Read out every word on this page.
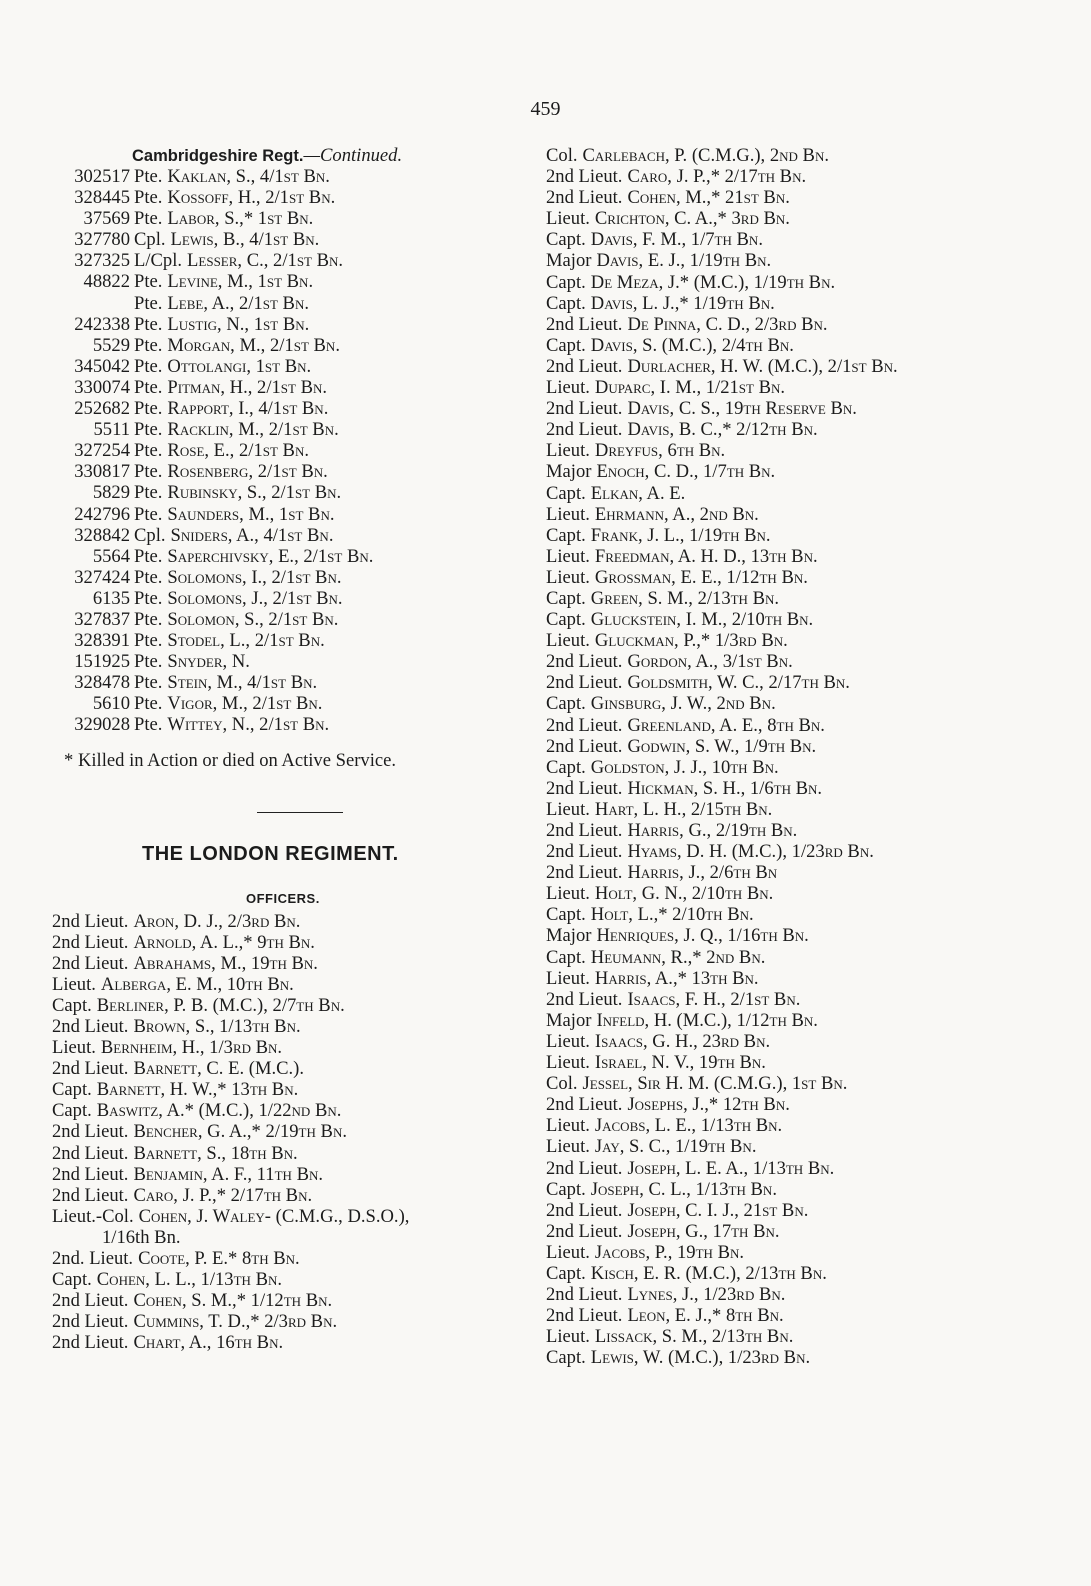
459
Cambridgeshire Regt.—Continued.
302517 Pte. Kaklan, S., 4/1st Bn.
328445 Pte. Kossoff, H., 2/1st Bn.
37569 Pte. Labor, S.,* 1st Bn.
327780 Cpl. Lewis, B., 4/1st Bn.
327325 L/Cpl. Lesser, C., 2/1st Bn.
48822 Pte. Levine, M., 1st Bn.
Pte. Lebe, A., 2/1st Bn.
242338 Pte. Lustig, N., 1st Bn.
5529 Pte. Morgan, M., 2/1st Bn.
345042 Pte. Ottolangi, 1st Bn.
330074 Pte. Pitman, H., 2/1st Bn.
252682 Pte. Rapport, I., 4/1st Bn.
5511 Pte. Racklin, M., 2/1st Bn.
327254 Pte. Rose, E., 2/1st Bn.
330817 Pte. Rosenberg, 2/1st Bn.
5829 Pte. Rubinsky, S., 2/1st Bn.
242796 Pte. Saunders, M., 1st Bn.
328842 Cpl. Sniders, A., 4/1st Bn.
5564 Pte. Saperchivsky, E., 2/1st Bn.
327424 Pte. Solomons, I., 2/1st Bn.
6135 Pte. Solomons, J., 2/1st Bn.
327837 Pte. Solomon, S., 2/1st Bn.
328391 Pte. Stodel, L., 2/1st Bn.
151925 Pte. Snyder, N.
328478 Pte. Stein, M., 4/1st Bn.
5610 Pte. Vigor, M., 2/1st Bn.
329028 Pte. Wittey, N., 2/1st Bn.
* Killed in Action or died on Active Service.
THE LONDON REGIMENT.
OFFICERS.
2nd Lieut. Aron, D. J., 2/3rd Bn.
2nd Lieut. Arnold, A. L.,* 9th Bn.
2nd Lieut. Abrahams, M., 19th Bn.
Lieut. Alberga, E. M., 10th Bn.
Capt. Berliner, P. B. (M.C.), 2/7th Bn.
2nd Lieut. Brown, S., 1/13th Bn.
Lieut. Bernheim, H., 1/3rd Bn.
2nd Lieut. Barnett, C. E. (M.C.).
Capt. Barnett, H. W.,* 13th Bn.
Capt. Baswitz, A.* (M.C.), 1/22nd Bn.
2nd Lieut. Bencher, G. A.,* 2/19th Bn.
2nd Lieut. Barnett, S., 18th Bn.
2nd Lieut. Benjamin, A. F., 11th Bn.
2nd Lieut. Caro, J. P.,* 2/17th Bn.
Lieut.-Col. Cohen, J. Waley- (C.M.G., D.S.O.),
1/16th Bn.
2nd. Lieut. Coote, P. E.* 8th Bn.
Capt. Cohen, L. L., 1/13th Bn.
2nd Lieut. Cohen, S. M.,* 1/12th Bn.
2nd Lieut. Cummins, T. D.,* 2/3rd Bn.
2nd Lieut. Chart, A., 16th Bn.
Col. Carlebach, P. (C.M.G.), 2nd Bn.
2nd Lieut. Caro, J. P.,* 2/17th Bn.
2nd Lieut. Cohen, M.,* 21st Bn.
Lieut. Crichton, C. A.,* 3rd Bn.
Capt. Davis, F. M., 1/7th Bn.
Major Davis, E. J., 1/19th Bn.
Capt. De Meza, J.* (M.C.), 1/19th Bn.
Capt. Davis, L. J.,* 1/19th Bn.
2nd Lieut. De Pinna, C. D., 2/3rd Bn.
Capt. Davis, S. (M.C.), 2/4th Bn.
2nd Lieut. Durlacher, H. W. (M.C.), 2/1st Bn.
Lieut. Duparc, I. M., 1/21st Bn.
2nd Lieut. Davis, C. S., 19th Reserve Bn.
2nd Lieut. Davis, B. C.,* 2/12th Bn.
Lieut. Dreyfus, 6th Bn.
Major Enoch, C. D., 1/7th Bn.
Capt. Elkan, A. E.
Lieut. Ehrmann, A., 2nd Bn.
Capt. Frank, J. L., 1/19th Bn.
Lieut. Freedman, A. H. D., 13th Bn.
Lieut. Grossman, E. E., 1/12th Bn.
Capt. Green, S. M., 2/13th Bn.
Capt. Gluckstein, I. M., 2/10th Bn.
Lieut. Gluckman, P.,* 1/3rd Bn.
2nd Lieut. Gordon, A., 3/1st Bn.
2nd Lieut. Goldsmith, W. C., 2/17th Bn.
Capt. Ginsburg, J. W., 2nd Bn.
2nd Lieut. Greenland, A. E., 8th Bn.
2nd Lieut. Godwin, S. W., 1/9th Bn.
Capt. Goldston, J. J., 10th Bn.
2nd Lieut. Hickman, S. H., 1/6th Bn.
Lieut. Hart, L. H., 2/15th Bn.
2nd Lieut. Harris, G., 2/19th Bn.
2nd Lieut. Hyams, D. H. (M.C.), 1/23rd Bn.
2nd Lieut. Harris, J., 2/6th Bn
Lieut. Holt, G. N., 2/10th Bn.
Capt. Holt, L.,* 2/10th Bn.
Major Henriques, J. Q., 1/16th Bn.
Capt. Heumann, R.,* 2nd Bn.
Lieut. Harris, A.,* 13th Bn.
2nd Lieut. Isaacs, F. H., 2/1st Bn.
Major Infeld, H. (M.C.), 1/12th Bn.
Lieut. Isaacs, G. H., 23rd Bn.
Lieut. Israel, N. V., 19th Bn.
Col. Jessel, Sir H. M. (C.M.G.), 1st Bn.
2nd Lieut. Josephs, J.,* 12th Bn.
Lieut. Jacobs, L. E., 1/13th Bn.
Lieut. Jay, S. C., 1/19th Bn.
2nd Lieut. Joseph, L. E. A., 1/13th Bn.
Capt. Joseph, C. L., 1/13th Bn.
2nd Lieut. Joseph, C. I. J., 21st Bn.
2nd Lieut. Joseph, G., 17th Bn.
Lieut. Jacobs, P., 19th Bn.
Capt. Kisch, E. R. (M.C.), 2/13th Bn.
2nd Lieut. Lynes, J., 1/23rd Bn.
2nd Lieut. Leon, E. J.,* 8th Bn.
Lieut. Lissack, S. M., 2/13th Bn.
Capt. Lewis, W. (M.C.), 1/23rd Bn.
